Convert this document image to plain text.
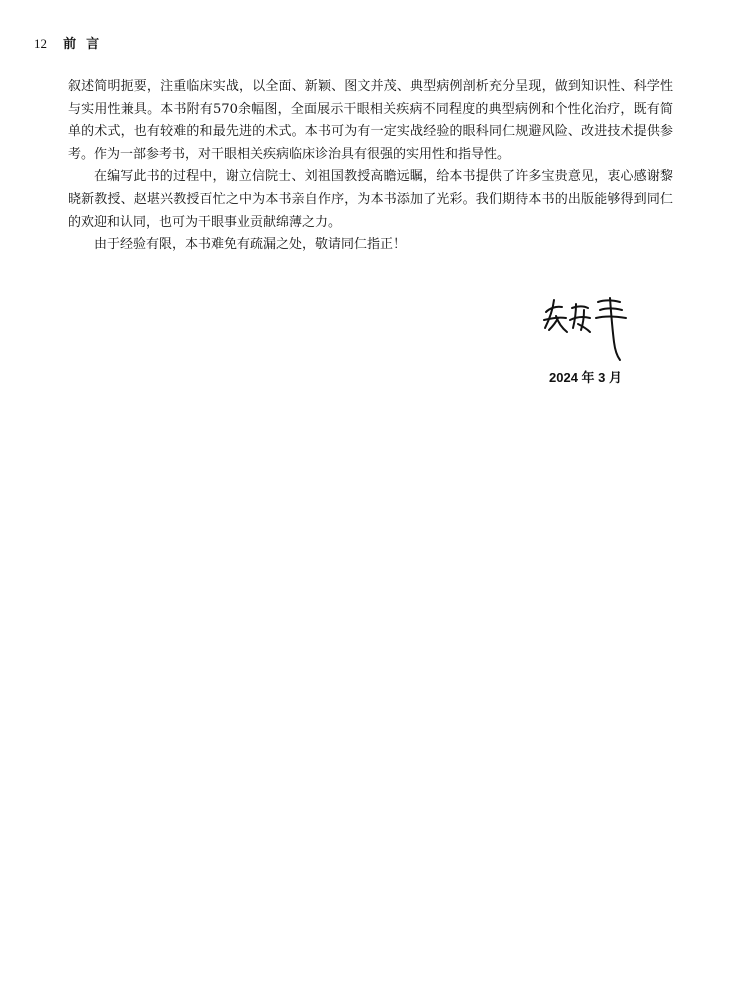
12 前言

叙述简明扼要，注重临床实战，以全面、新颖、图文并茂、典型病例剖析充分呈现，做到知识性、科学性与实用性兼具。本书附有570余幅图，全面展示干眼相关疾病不同程度的典型病例和个性化治疗，既有简单的术式，也有较难的和最先进的术式。本书可为有一定实战经验的眼科同仁规避风险、改进技术提供参考。作为一部参考书，对干眼相关疾病临床诊治具有很强的实用性和指导性。

在编写此书的过程中，谢立信院士、刘祖国教授高瞻远瞩，给本书提供了许多宝贵意见，衷心感谢黎晓新教授、赵堪兴教授百忙之中为本书亲自作序，为本书添加了光彩。我们期待本书的出版能够得到同仁的欢迎和认同，也可为干眼事业贡献绵薄之力。

由于经验有限，本书难免有疏漏之处，敬请同仁指正！

2024 年 3 月
